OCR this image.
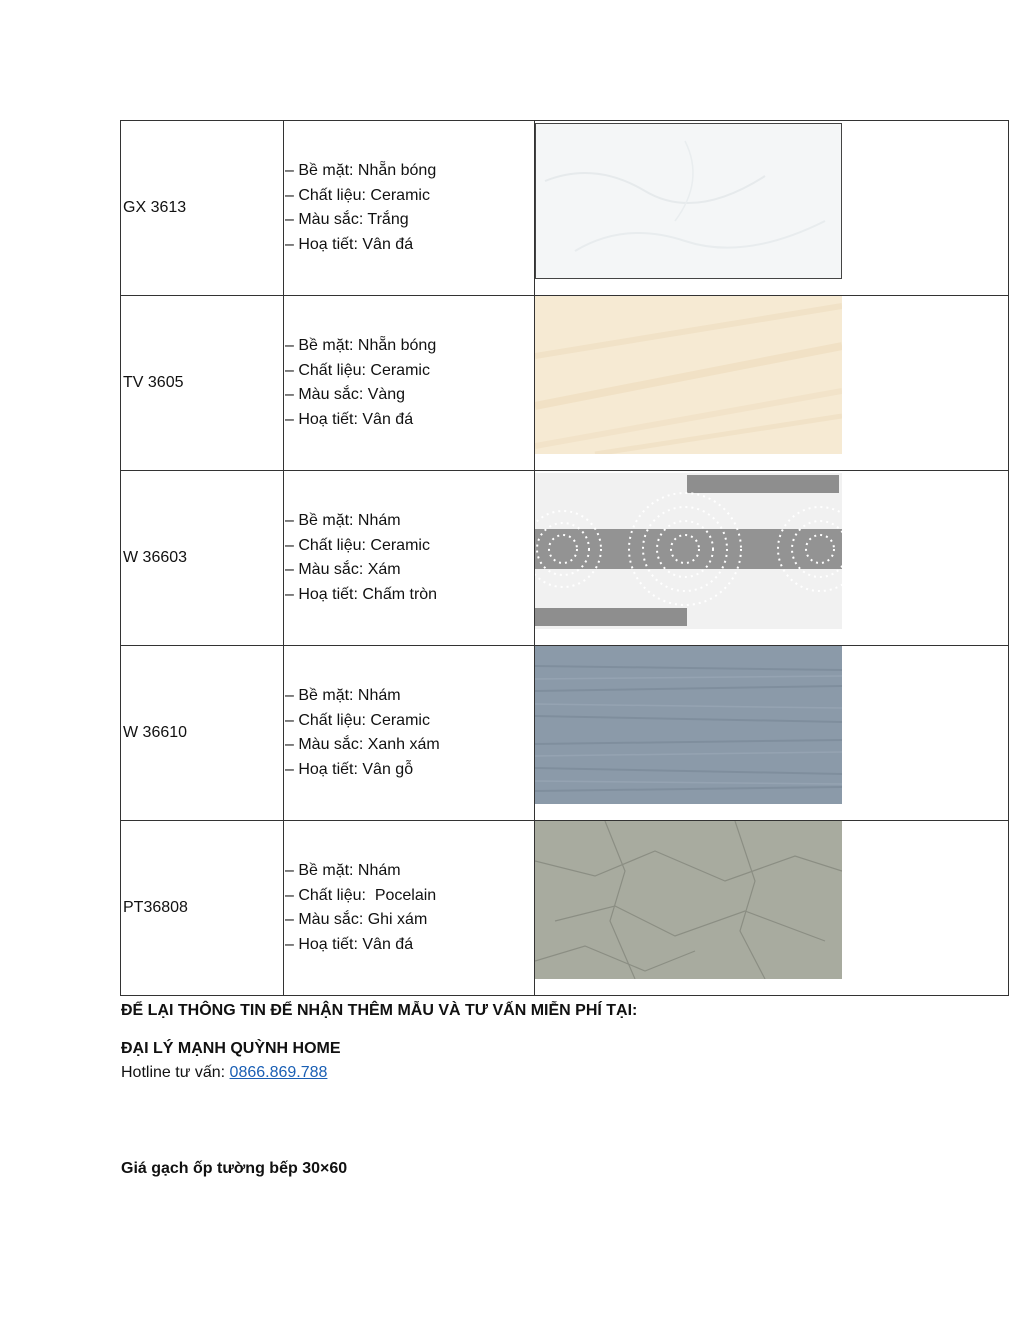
GX 3613	– Bề mặt: Nhẵn bóng
– Chất liệu: Ceramic
– Màu sắc: Trắng
– Hoạ tiết: Vân đá

TV 3605	– Bề mặt: Nhẵn bóng
– Chất liệu: Ceramic
– Màu sắc: Vàng
– Hoạ tiết: Vân đá

W 36603	– Bề mặt: Nhám
– Chất liệu: Ceramic
– Màu sắc: Xám
– Hoạ tiết: Chấm tròn

W 36610	– Bề mặt: Nhám
– Chất liệu: Ceramic
– Màu sắc: Xanh xám
– Hoạ tiết: Vân gỗ

PT36808	– Bề mặt: Nhám
– Chất liệu:  Pocelain
– Màu sắc: Ghi xám
– Hoạ tiết: Vân đá

ĐỂ LẠI THÔNG TIN ĐỂ NHẬN THÊM MẪU VÀ TƯ VẤN MIỄN PHÍ TẠI:
ĐẠI LÝ MẠNH QUỲNH HOME
Hotline tư vấn: 0866.869.788
Giá gạch ốp tường bếp 30×60
